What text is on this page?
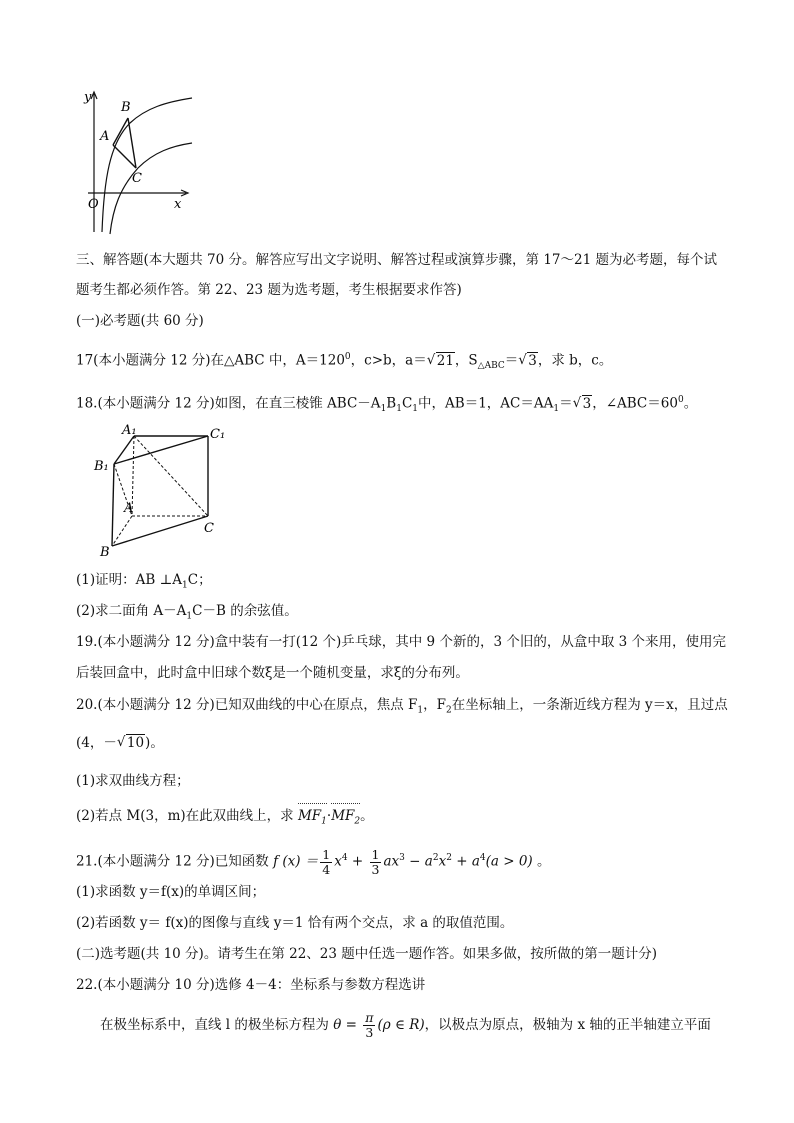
y
x
O
A
B
C
三、解答题(本大题共 70 分。解答应写出文字说明、解答过程或演算步骤，第 17～21 题为必考题，每个试
题考生都必须作答。第 22、23 题为选考题，考生根据要求作答)
(一)必考题(共 60 分)
17(本小题满分 12 分)在△ABC 中，$A=120^0$，c>b，a＝√ 21，$S_{\triangle ABC}=√$ 3，求 b，c。
18.(本小题满分 12 分)如图，在直三棱锥 $ABC-A_1B_1C_1$中，AB＝1，$AC=AA_1=√$ 3，$\angle ABC=60^0$。
A₁	C₁
B₁
A
C
B
(1)证明：AB $\perp A_1C$；
(2)求二面角 $A-A_1C-B$ 的余弦值。
19.(本小题满分 12 分)盒中装有一打(12 个)乒乓球，其中 9 个新的，3 个旧的，从盒中取 3 个来用，使用完
后装回盒中，此时盒中旧球个数ξ是一个随机变量，求ξ的分布列。
20.(本小题满分 12 分)已知双曲线的中心在原点，焦点 $F_1$，$F_2$在坐标轴上，一条渐近线方程为 y＝x，且过点
(4，－√ 10)。
(1)求双曲线方程；
(2)若点 M(3，m)在此双曲线上，求 $MF_1\cdot MF_2$。
21.(本小题满分 12 分)已知函数 f $(x) = \frac{1}{4} x^4 + \frac{1}{3} ax^3 - a^2x^2 + a^4(a > 0)$ 。
(1)求函数 y＝f(x)的单调区间；
(2)若函数 y＝ f(x)的图像与直线 y＝1 恰有两个交点，求 a 的取值范围。
(二)选考题(共 10 分)。请考生在第 22、23 题中任选一题作答。如果多做，按所做的第一题计分)
22.(本小题满分 10 分)选修 4－4：坐标系与参数方程选讲
在极坐标系中，直线 l 的极坐标方程为 $\theta = \frac{\pi}{3} (\rho$ ∈ R)，以极点为原点，极轴为 x 轴的正半轴建立平面
